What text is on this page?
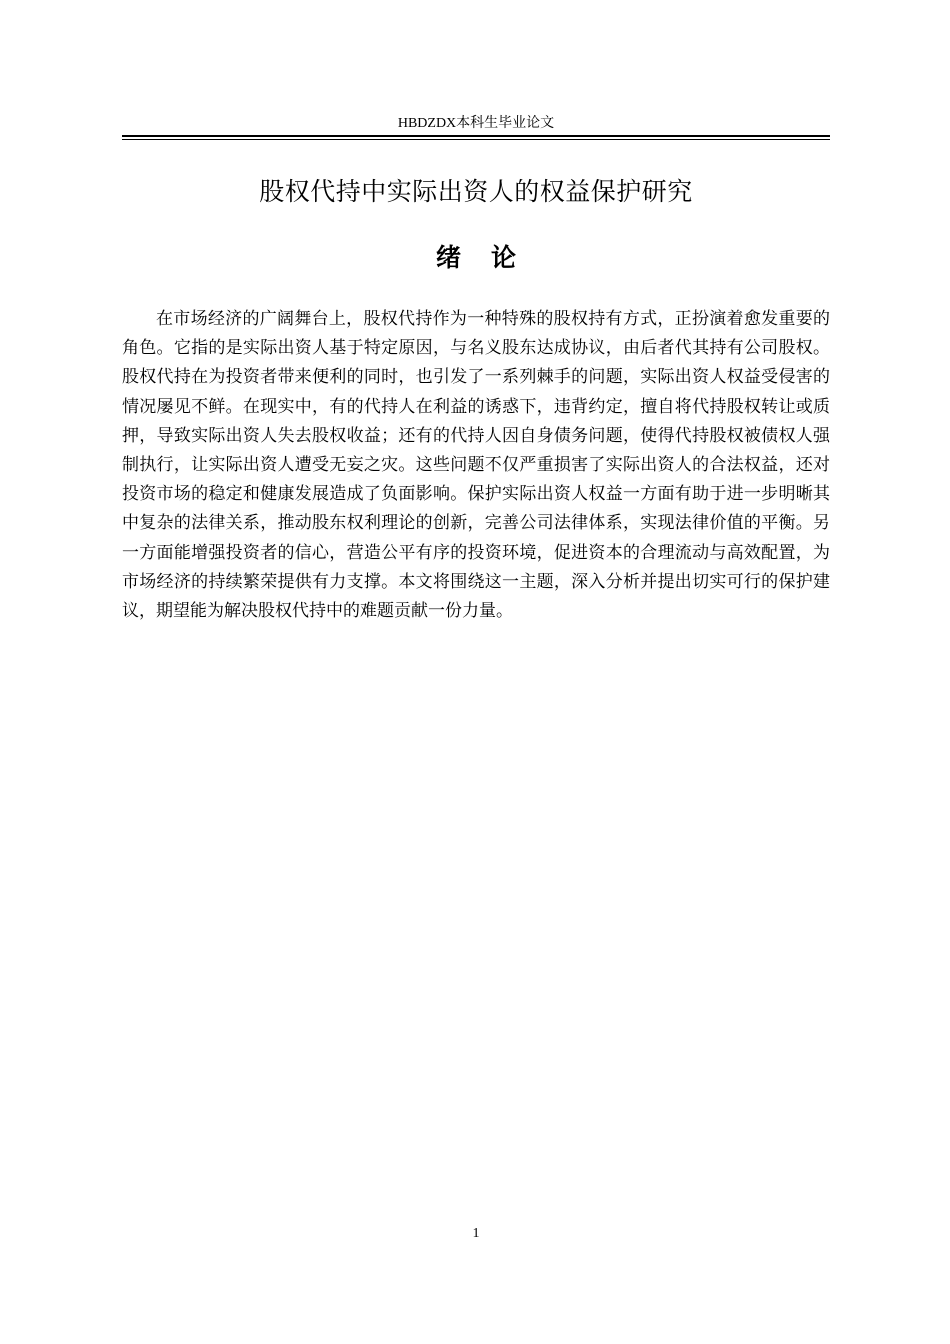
HBDZDX本科生毕业论文
股权代持中实际出资人的权益保护研究
绪论

在市场经济的广阔舞台上，股权代持作为一种特殊的股权持有方式，正扮演着愈发重要的角色。它指的是实际出资人基于特定原因，与名义股东达成协议，由后者代其持有公司股权。股权代持在为投资者带来便利的同时，也引发了一系列棘手的问题，实际出资人权益受侵害的情况屡见不鲜。在现实中，有的代持人在利益的诱惑下，违背约定，擅自将代持股权转让或质押，导致实际出资人失去股权收益；还有的代持人因自身债务问题，使得代持股权被债权人强制执行，让实际出资人遭受无妄之灾。这些问题不仅严重损害了实际出资人的合法权益，还对投资市场的稳定和健康发展造成了负面影响。保护实际出资人权益一方面有助于进一步明晰其中复杂的法律关系，推动股东权利理论的创新，完善公司法律体系，实现法律价值的平衡。另一方面能增强投资者的信心，营造公平有序的投资环境，促进资本的合理流动与高效配置，为市场经济的持续繁荣提供有力支撑。本文将围绕这一主题，深入分析并提出切实可行的保护建议，期望能为解决股权代持中的难题贡献一份力量。

1
